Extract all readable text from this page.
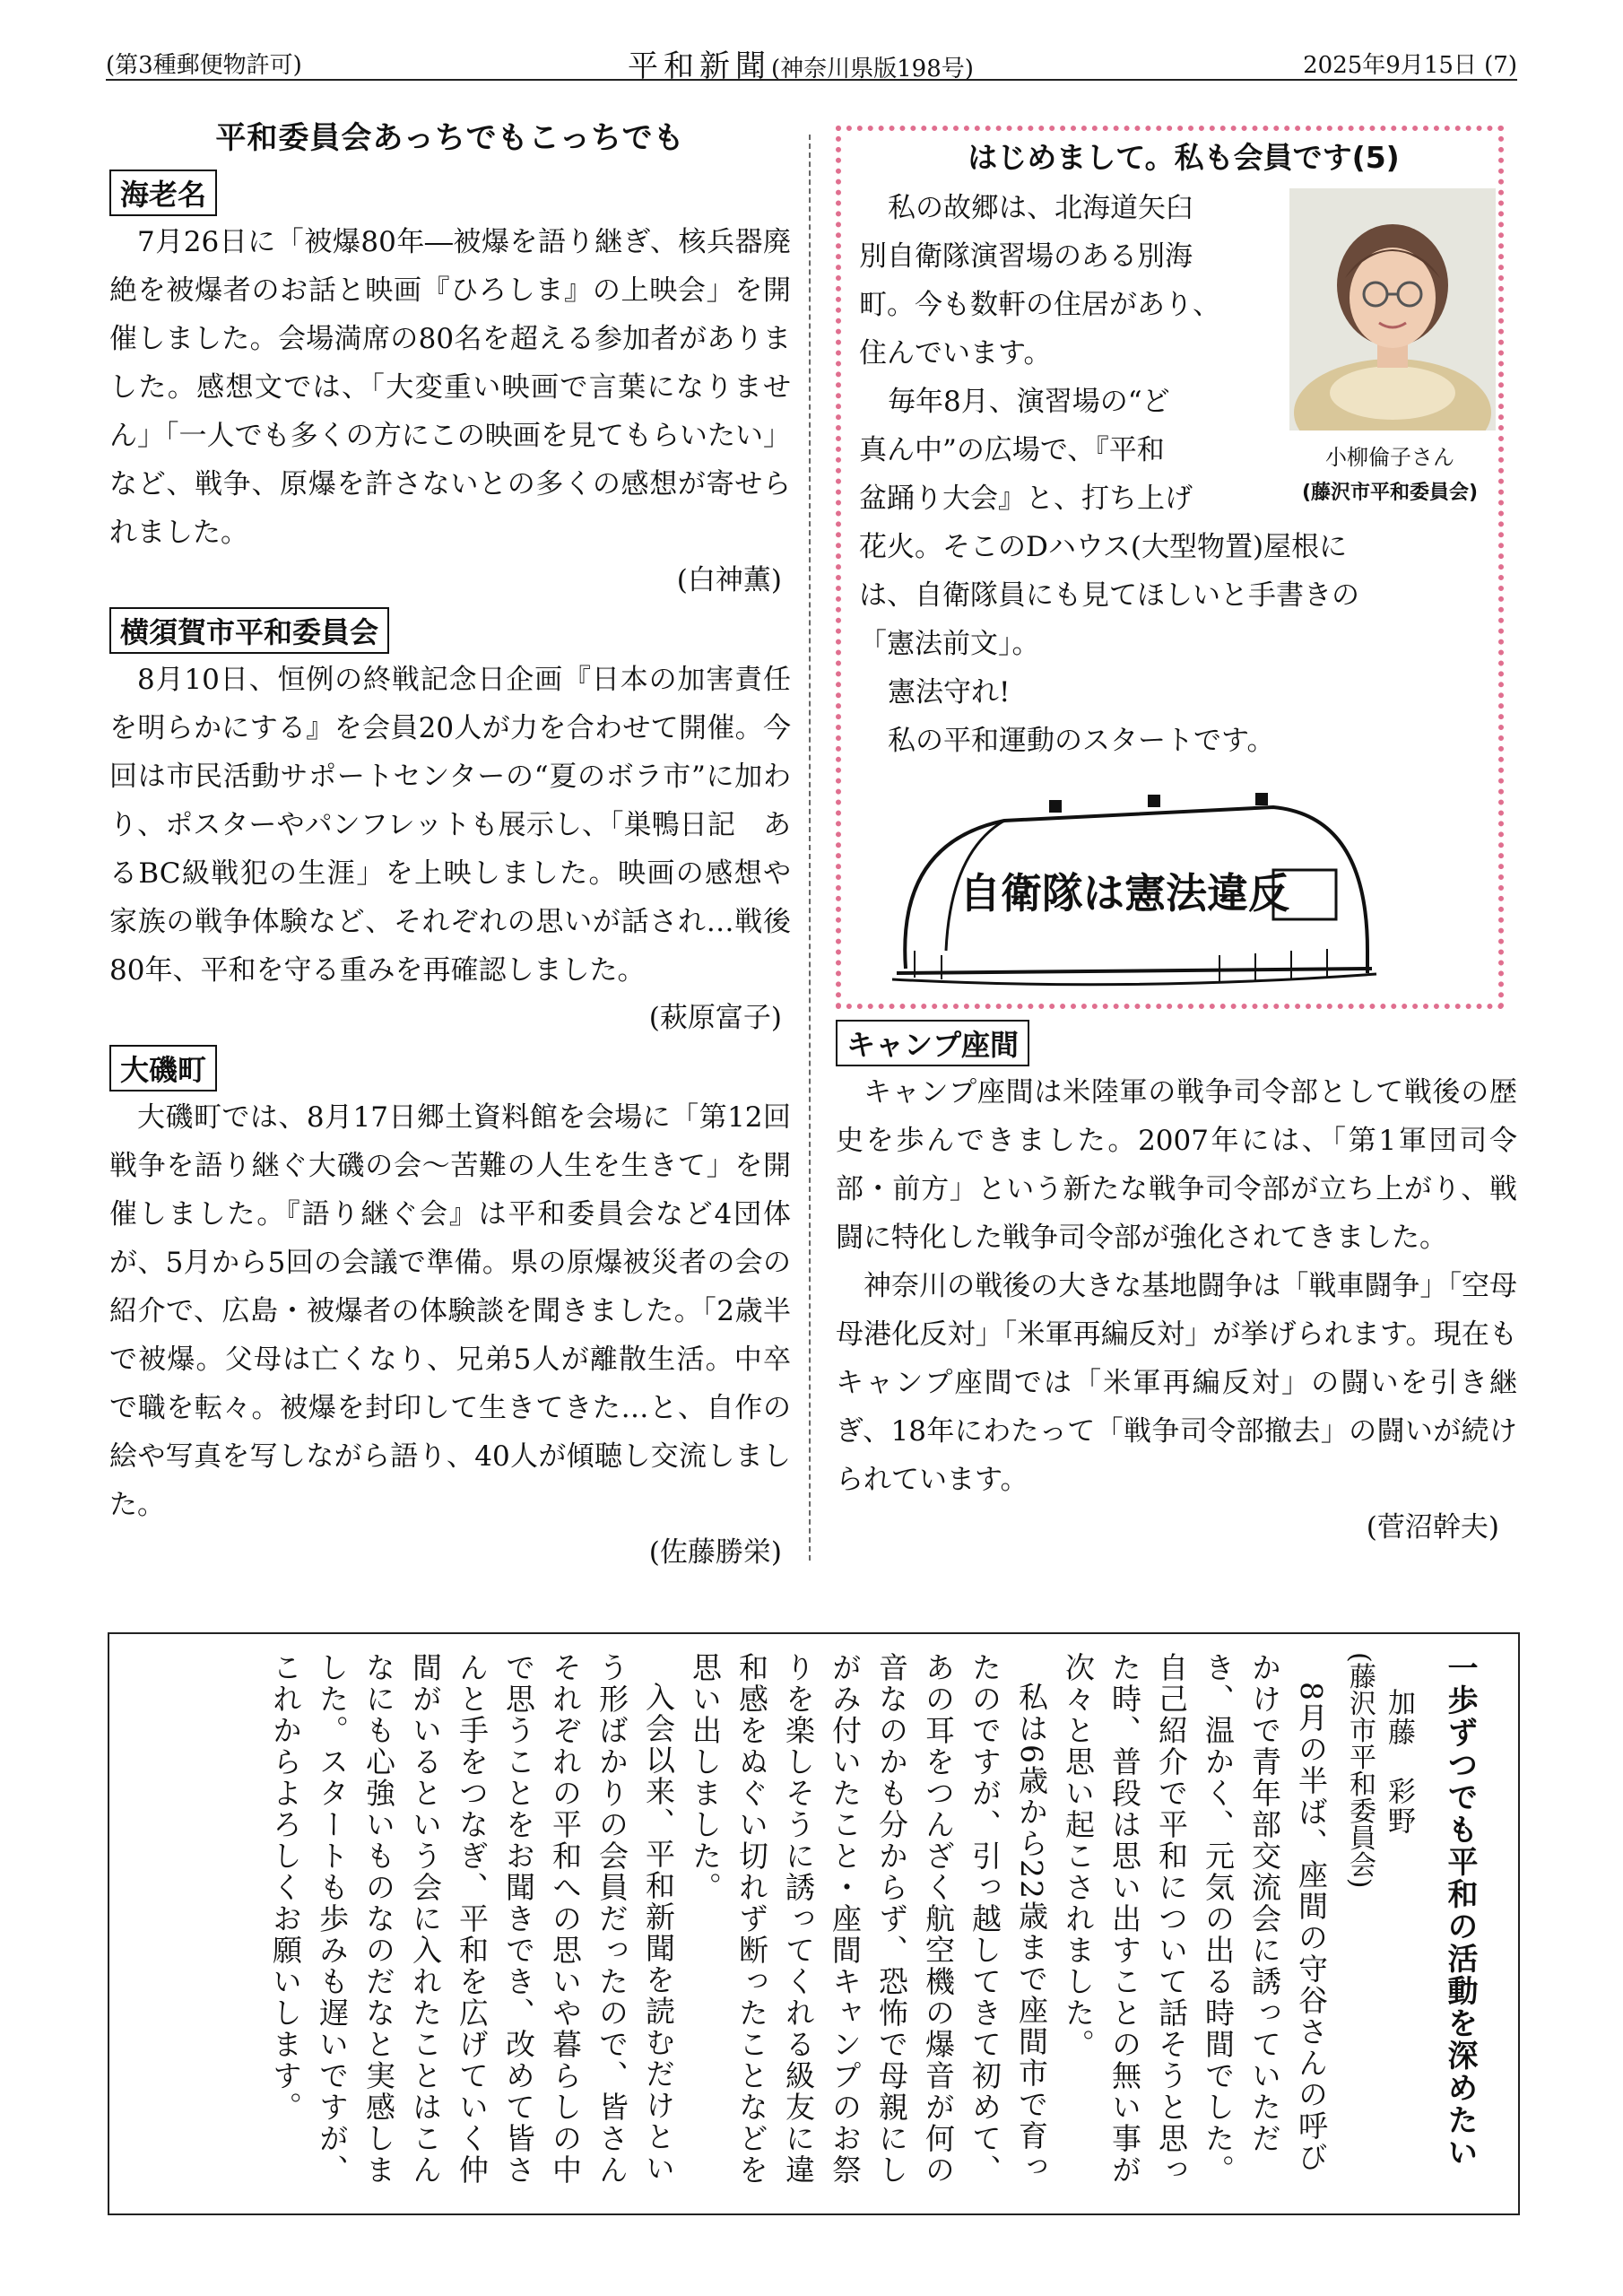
(第3種郵便物許可)	平和新聞(神奈川県版198号)	2025年9月15日 (7)
平和委員会あっちでもこっちでも
海老名

7月26日に「被爆80年―被爆を語り継ぎ、核兵器廃絶を被爆者のお話と映画『ひろしま』の上映会」を開催しました。会場満席の80名を超える参加者がありました。感想文では、「大変重い映画で言葉になりません」「一人でも多くの方にこの映画を見てもらいたい」など、戦争、原爆を許さないとの多くの感想が寄せられました。

(白神薫)
横須賀市平和委員会

8月10日、恒例の終戦記念日企画『日本の加害責任を明らかにする』を会員20人が力を合わせて開催。今回は市民活動サポートセンターの“夏のボラ市”に加わり、ポスターやパンフレットも展示し、「巣鴨日記　あるBC級戦犯の生涯」を上映しました。映画の感想や家族の戦争体験など、それぞれの思いが話され…戦後80年、平和を守る重みを再確認しました。

(萩原富子)
大磯町

大磯町では、8月17日郷土資料館を会場に「第12回 戦争を語り継ぐ大磯の会〜苦難の人生を生きて」を開催しました。『語り継ぐ会』は平和委員会など4団体が、5月から5回の会議で準備。県の原爆被災者の会の紹介で、広島・被爆者の体験談を聞きました。「2歳半で被爆。父母は亡くなり、兄弟5人が離散生活。中卒で職を転々。被爆を封印して生きてきた…と、自作の絵や写真を写しながら語り、40人が傾聴し交流しました。

(佐藤勝栄)
はじめまして。私も会員です(5)
小柳倫子さん
(藤沢市平和委員会)
私の故郷は、北海道矢臼
別自衛隊演習場のある別海
町。今も数軒の住居があり、
住んでいます。
毎年8月、演習場の“ど
真ん中”の広場で、『平和
盆踊り大会』と、打ち上げ
花火。そこのDハウス(大型物置)屋根に
は、自衛隊員にも見てほしいと手書きの
「憲法前文」。
憲法守れ!
私の平和運動のスタートです。
自衛隊は憲法違反
キャンプ座間

キャンプ座間は米陸軍の戦争司令部として戦後の歴史を歩んできました。2007年には、「第1軍団司令部・前方」という新たな戦争司令部が立ち上がり、戦闘に特化した戦争司令部が強化されてきました。

神奈川の戦後の大きな基地闘争は「戦車闘争」「空母母港化反対」「米軍再編反対」が挙げられます。現在もキャンプ座間では「米軍再編反対」の闘いを引き継ぎ、18年にわたって「戦争司令部撤去」の闘いが続けられています。

(菅沼幹夫)
一歩ずつでも平和の活動を深めたい
加藤　彩野
(藤沢市平和委員会)

8月の半ば、座間の守谷さんの呼びかけで青年部交流会に誘っていただき、温かく、元気の出る時間でした。自己紹介で平和について話そうと思った時、普段は思い出すことの無い事が次々と思い起こされました。

私は6歳から22歳まで座間市で育ったのですが、引っ越してきて初めて、あの耳をつんざく航空機の爆音が何の音なのかも分からず、恐怖で母親にしがみ付いたこと・座間キャンプのお祭りを楽しそうに誘ってくれる級友に違和感をぬぐい切れず断ったことなどを思い出しました。

入会以来、平和新聞を読むだけという形ばかりの会員だったので、皆さんそれぞれの平和への思いや暮らしの中で思うことをお聞きでき、改めて皆さんと手をつなぎ、平和を広げていく仲間がいるという会に入れたことはこんなにも心強いものなのだなと実感しました。スタートも歩みも遅いですが、これからよろしくお願いします。
